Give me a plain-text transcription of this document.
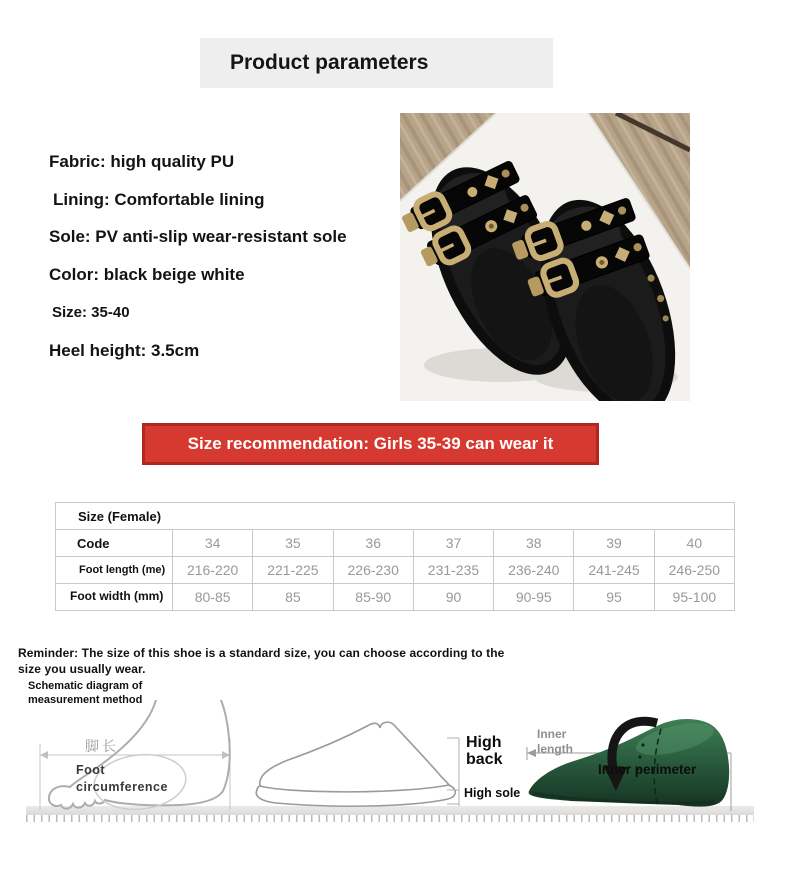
Product parameters
Fabric: high quality PU
Lining: Comfortable lining
Sole: PV anti-slip wear-resistant sole
Color: black beige white
Size: 35-40
Heel height: 3.5cm
Size recommendation: Girls 35-39 can wear it
Size (Female)							
Code	34	35	36	37	38	39	40
Foot length (me)	216-220	221-225	226-230	231-235	236-240	241-245	246-250
Foot width (mm)	80-85	85	85-90	90	90-95	95	95-100
Reminder: The size of this shoe is a standard size, you can choose according to the size you usually wear.
Schematic diagram of
measurement method
脚长
Foot circumference
High back
High sole
Inner length
Inner perimeter
